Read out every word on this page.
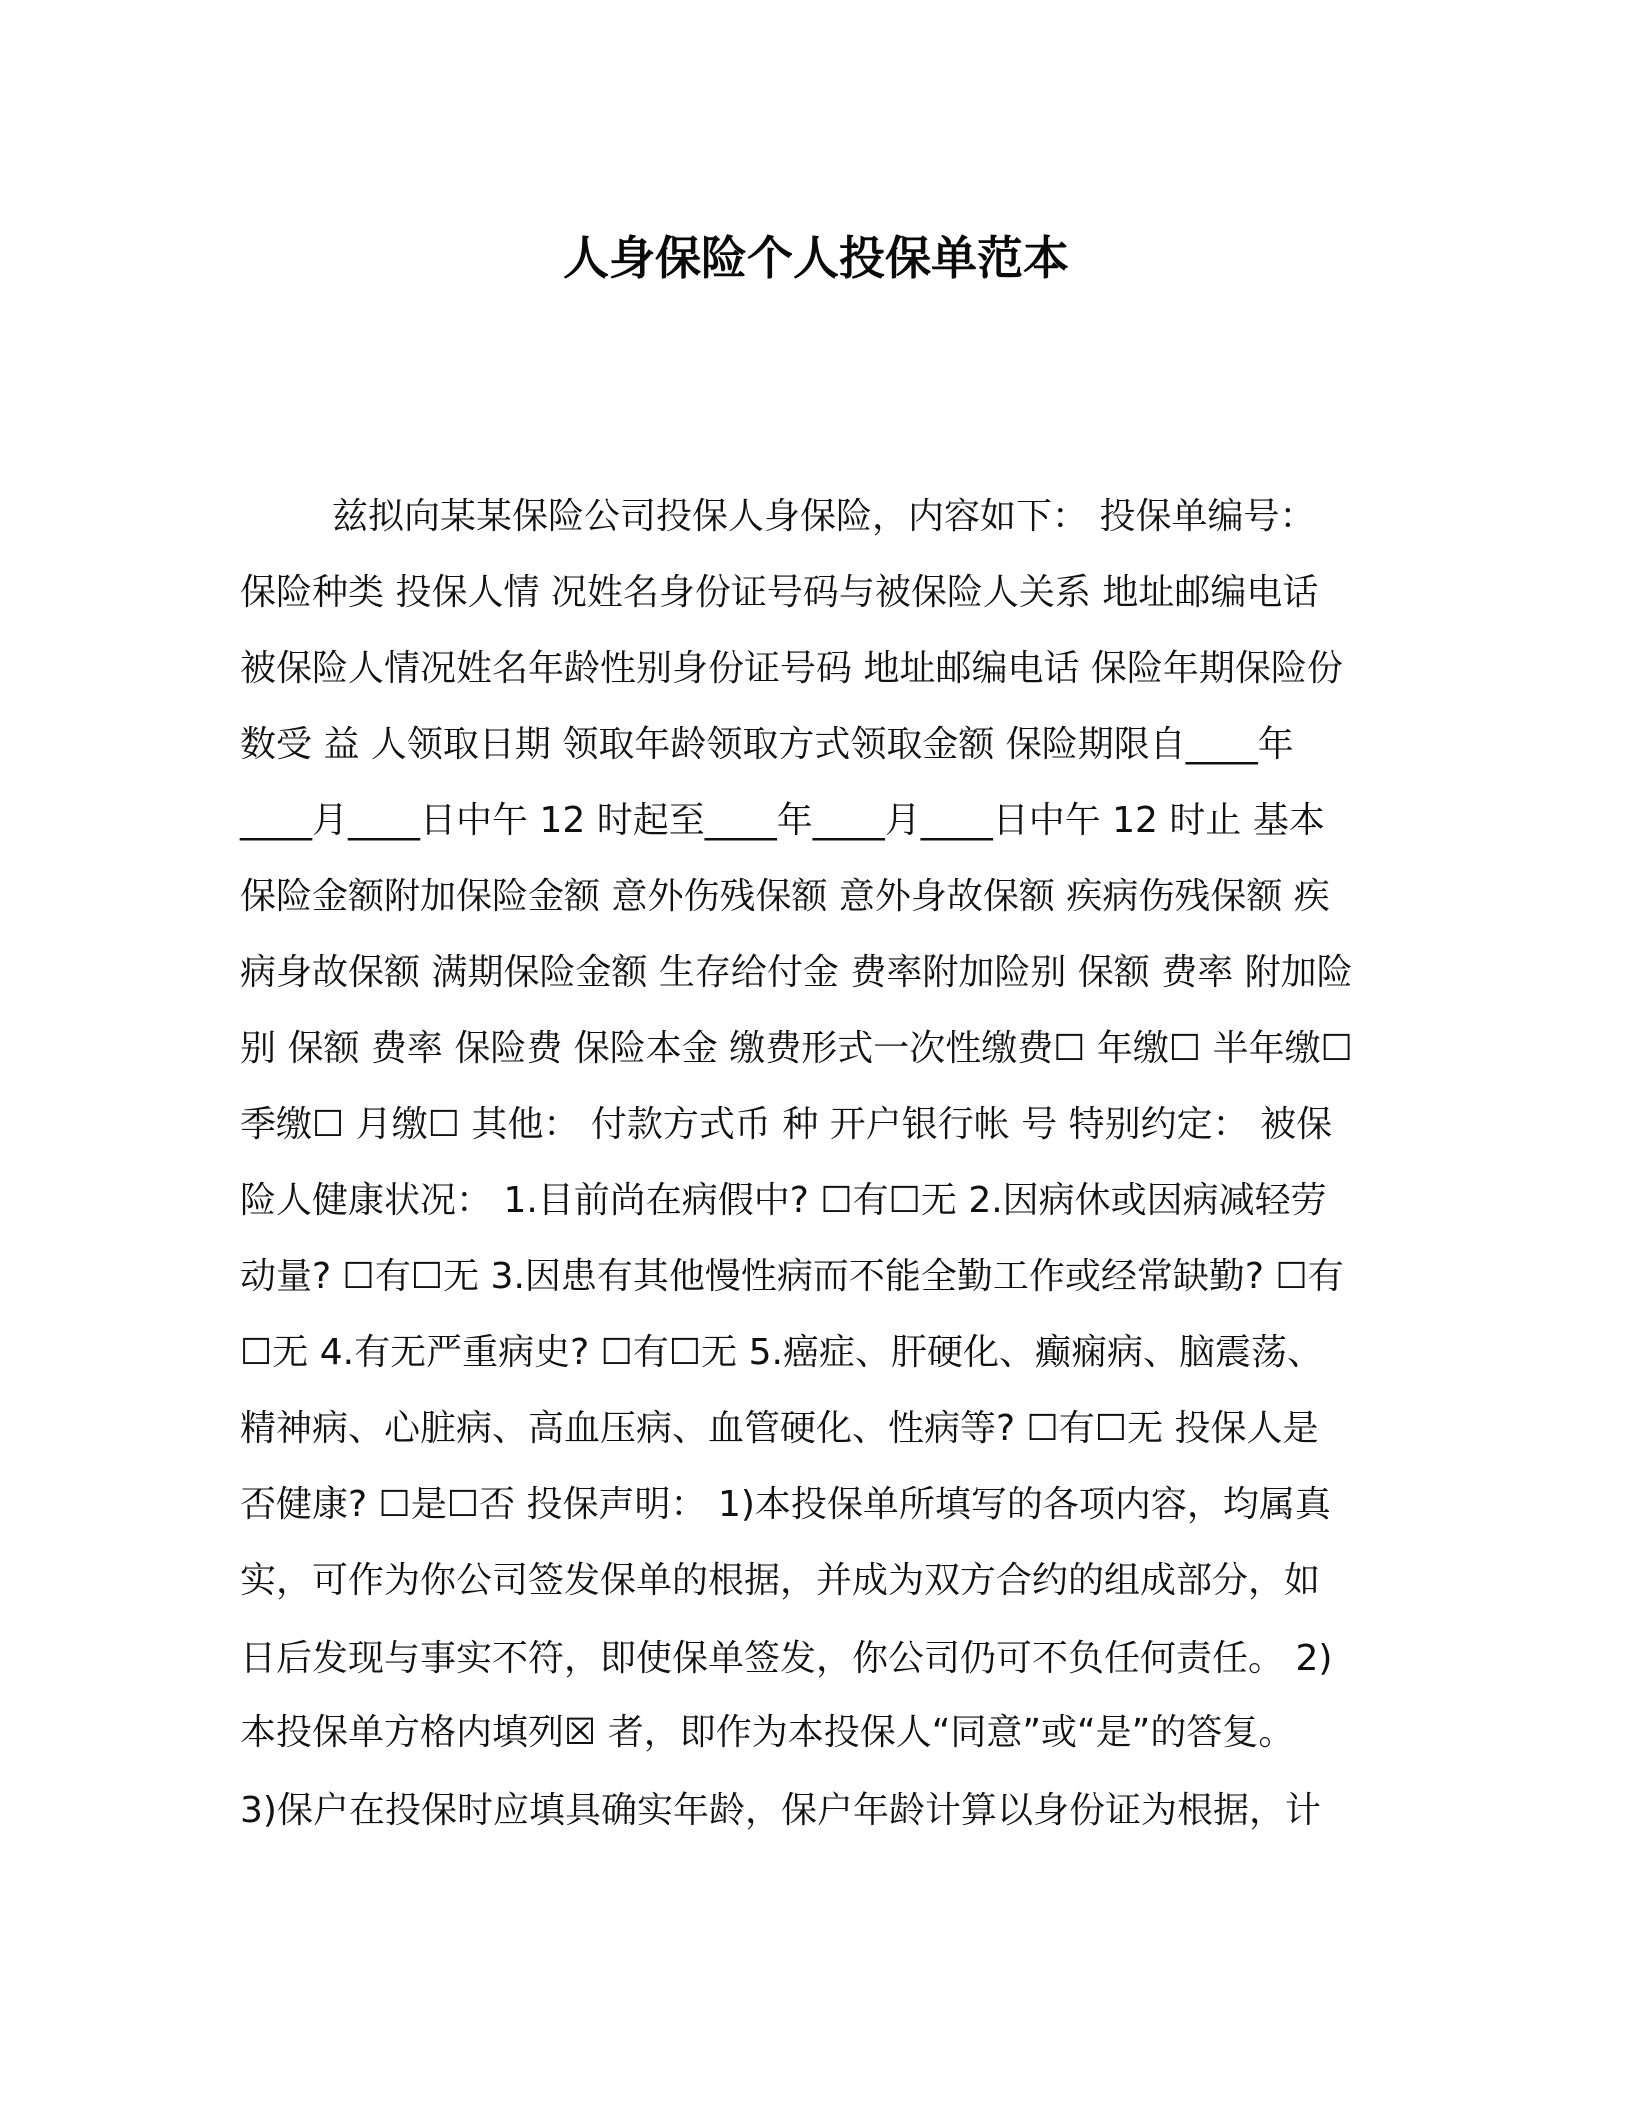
人身保险个人投保单范本
兹拟向某某保险公司投保人身保险，内容如下： 投保单编号：
保险种类 投保人情 况姓名身份证号码与被保险人关系 地址邮编电话
被保险人情况姓名年龄性别身份证号码 地址邮编电话 保险年期保险份
数受 益 人领取日期 领取年龄领取方式领取金额 保险期限自____年
____月____日中午 12 时起至____年____月____日中午 12 时止 基本
保险金额附加保险金额 意外伤残保额 意外身故保额 疾病伤残保额 疾
病身故保额 满期保险金额 生存给付金 费率附加险别 保额 费率 附加险
别 保额 费率 保险费 保险本金 缴费形式一次性缴费☐ 年缴☐ 半年缴☐
季缴☐ 月缴☐ 其他： 付款方式币 种 开户银行帐 号 特别约定： 被保
险人健康状况： 1.目前尚在病假中? ☐有☐无 2.因病休或因病减轻劳
动量? ☐有☐无 3.因患有其他慢性病而不能全勤工作或经常缺勤? ☐有
☐无 4.有无严重病史? ☐有☐无 5.癌症、肝硬化、癫痫病、脑震荡、
精神病、心脏病、高血压病、血管硬化、性病等? ☐有☐无 投保人是
否健康? ☐是☐否 投保声明： 1)本投保单所填写的各项内容，均属真
实，可作为你公司签发保单的根据，并成为双方合约的组成部分，如
日后发现与事实不符，即使保单签发，你公司仍可不负任何责任。 2)
本投保单方格内填列☒ 者，即作为本投保人“同意”或“是”的答复。
3)保户在投保时应填具确实年龄，保户年龄计算以身份证为根据，计
